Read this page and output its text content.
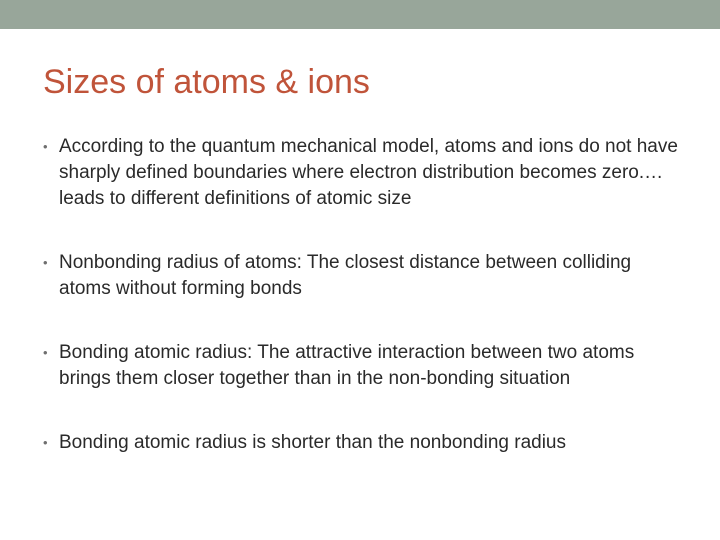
Sizes of atoms & ions
• According to the quantum mechanical model, atoms and ions do not have sharply defined boundaries where electron distribution becomes zero.…leads to different definitions of atomic size
• Nonbonding radius of atoms: The closest distance between colliding atoms without forming bonds
• Bonding atomic radius: The attractive interaction between two atoms brings them closer together than in the non-bonding situation
• Bonding atomic radius is shorter than the nonbonding radius
